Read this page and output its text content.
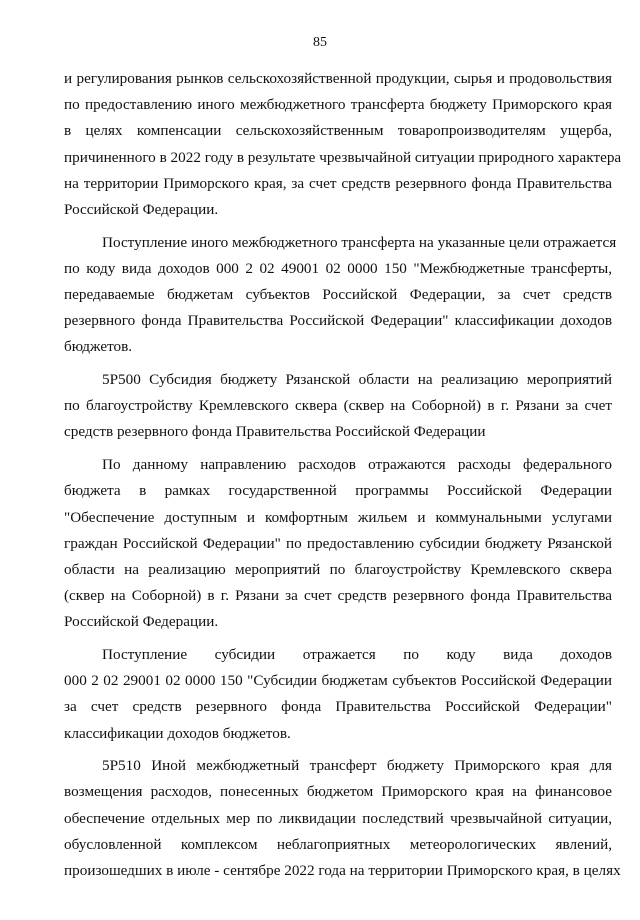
85
и регулирования рынков сельскохозяйственной продукции, сырья и продовольствия
по предоставлению иного межбюджетного трансферта бюджету Приморского края
в целях компенсации сельскохозяйственным товаропроизводителям ущерба,
причиненного в 2022 году в результате чрезвычайной ситуации природного характера
на территории Приморского края, за счет средств резервного фонда Правительства
Российской Федерации.
Поступление иного межбюджетного трансферта на указанные цели отражается
по коду вида доходов 000 2 02 49001 02 0000 150 "Межбюджетные трансферты,
передаваемые бюджетам субъектов Российской Федерации, за счет средств
резервного фонда Правительства Российской Федерации" классификации доходов
бюджетов.
5Р500 Субсидия бюджету Рязанской области на реализацию мероприятий
по благоустройству Кремлевского сквера (сквер на Соборной) в г. Рязани за счет
средств резервного фонда Правительства Российской Федерации
По данному направлению расходов отражаются расходы федерального
бюджета в рамках государственной программы Российской Федерации
"Обеспечение доступным и комфортным жильем и коммунальными услугами
граждан Российской Федерации" по предоставлению субсидии бюджету Рязанской
области на реализацию мероприятий по благоустройству Кремлевского сквера
(сквер на Соборной) в г. Рязани за счет средств резервного фонда Правительства
Российской Федерации.
Поступление субсидии отражается по коду вида доходов
000 2 02 29001 02 0000 150 "Субсидии бюджетам субъектов Российской Федерации
за счет средств резервного фонда Правительства Российской Федерации"
классификации доходов бюджетов.
5Р510 Иной межбюджетный трансферт бюджету Приморского края для
возмещения расходов, понесенных бюджетом Приморского края на финансовое
обеспечение отдельных мер по ликвидации последствий чрезвычайной ситуации,
обусловленной комплексом неблагоприятных метеорологических явлений,
произошедших в июле - сентябре 2022 года на территории Приморского края, в целях
